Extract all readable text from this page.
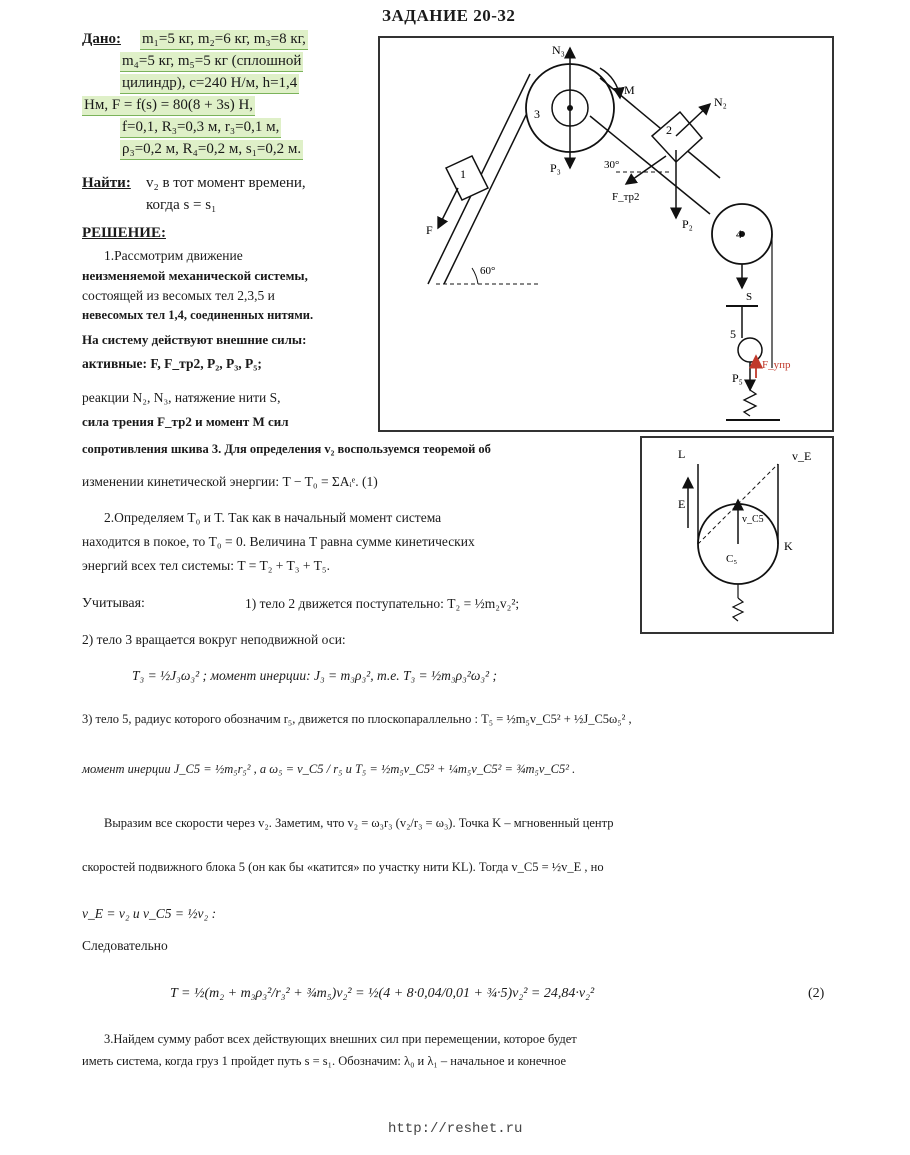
ЗАДАНИЕ 20-32
Дано: m₁=5 кг, m₂=6 кг, m₃=8 кг,
m₄=5 кг, m₅=5 кг (сплошной
цилиндр), с=240 Н/м, h=1,4
Нм, F = f(s) = 80(8 + 3s) H,
f=0,1, R₃=0,3 м, r₃=0,1 м,
ρ₃=0,2 м, R₄=0,2 м, s₁=0,2 м.
Найти: v₂ в тот момент времени,
когда s = s₁
РЕШЕНИЕ:
1.Рассмотрим движение
неизменяемой механической системы,
состоящей из весомых тел 2,3,5 и
невесомых тел 1,4, соединенных нитями.
На систему действуют внешние силы:
активные: F, F_тр2, P₂, P₃, P₅;
реакции N₂, N₃, натяжение нити S,
сила трения F_тр2 и момент M сил
сопротивления шкива 3. Для определения v₂ воспользуемся теоремой об
изменении кинетической энергии: T − T₀ = ΣAᵢᵉ. (1)
2.Определяем T₀ и T. Так как в начальный момент система
находится в покое, то T₀ = 0. Величина T равна сумме кинетических
энергий всех тел системы: T = T₂ + T₃ + T₅.
Учитывая:	1) тело 2 движется поступательно: T₂ = ½m₂v₂²;
2) тело 3 вращается вокруг неподвижной оси:
T₃ = ½J₃ω₃² ; момент инерции: J₃ = m₃ρ₃², т.е. T₃ = ½m₃ρ₃²ω₃² ;
3) тело 5, радиус которого обозначим r₅, движется по плоскопараллельно : T₅ = ½m₅v_C5² + ½J_C5ω₅² ,
момент инерции J_C5 = ½m₅r₅² , а ω₅ = v_C5 / r₅ и T₅ = ½m₅v_C5² + ¼m₅v_C5² = ¾m₅v_C5² .
Выразим все скорости через v₂. Заметим, что v₂ = ω₃r₃ (v₂/r₃ = ω₃). Точка K – мгновенный центр
скоростей подвижного блока 5 (он как бы «катится» по участку нити KL). Тогда v_C5 = ½v_E , но
v_E = v₂ и v_C5 = ½v₂ :
Следовательно
T = ½(m₂ + m₃ρ₃²/r₃² + ¾m₅)v₂² = ½(4 + 8·0,04/0,01 + ¾·5)v₂² = 24,84·v₂²	(2)
3.Найдем сумму работ всех действующих внешних сил при перемещении, которое будет
иметь система, когда груз 1 пройдет путь s = s₁. Обозначим: λ₀ и λ₁ – начальное и конечное
http://reshet.ru
N₃
3
M
N₂
2
P₃	30°
F_тр2
P₂
4
1
F
60°
5
P₅
F_упр
S
L	v_E
E
K
C₅
v_C5
